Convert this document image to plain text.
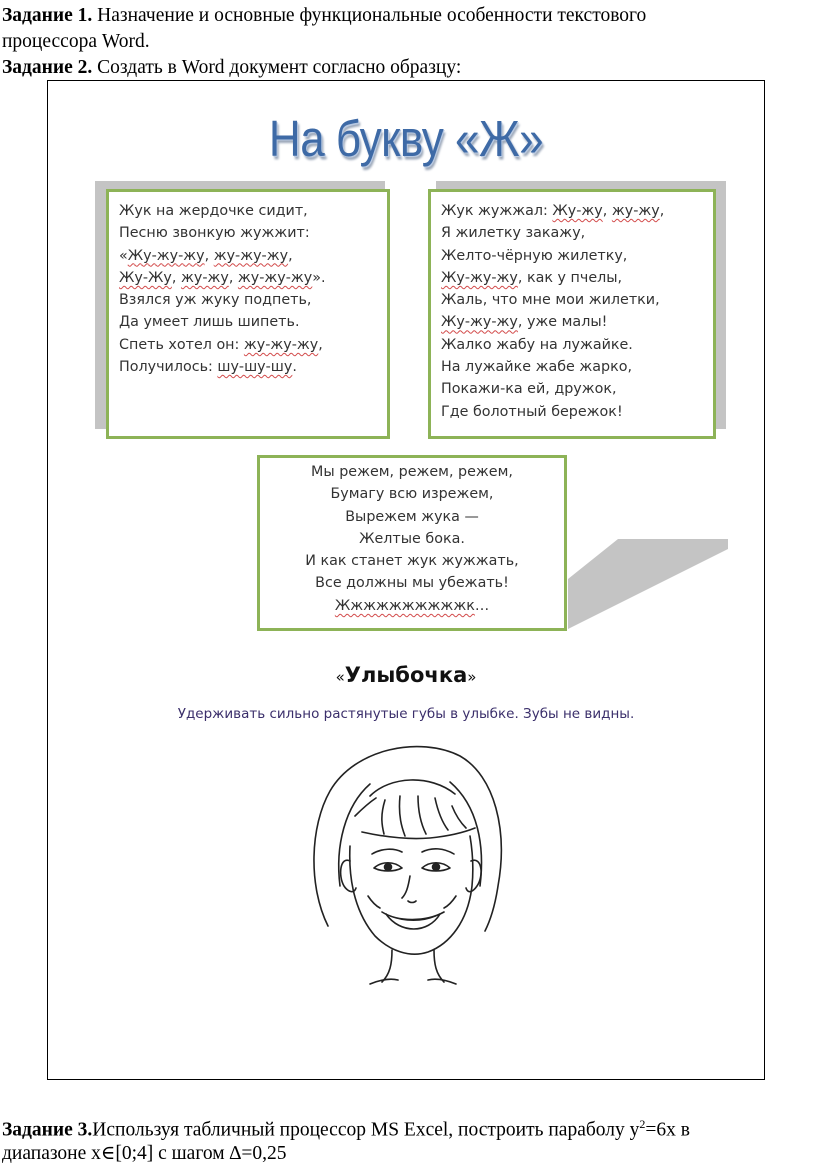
Задание 1. Назначение и основные функциональные особенности текстового
процессора Word.
Задание 2. Создать в Word документ согласно образцу:
На букву «Ж»
Жук на жердочке сидит,
Песню звонкую жужжит:
«Жу-жу-жу, жу-жу-жу,
Жу-Жу, жу-жу, жу-жу-жу».
Взялся уж жуку подпеть,
Да умеет лишь шипеть.
Спеть хотел он: жу-жу-жу,
Получилось: шу-шу-шу.
Жук жужжал: Жу-жу, жу-жу,
Я жилетку закажу,
Желто-чёрную жилетку,
Жу-жу-жу, как у пчелы,
Жаль, что мне мои жилетки,
Жу-жу-жу, уже малы!
Жалко жабу на лужайке.
На лужайке жабе жарко,
Покажи-ка ей, дружок,
Где болотный бережок!
Мы режем, режем, режем,
Бумагу всю изрежем,
Вырежем жука —
Желтые бока.
И как станет жук жужжать,
Все должны мы убежать!
Жжжжжжжжжжк…
«Улыбочка»
Удерживать сильно растянутые губы в улыбке. Зубы не видны.
Задание 3.Используя табличный процессор MS Excel, построить параболу $y^2=6x$ в
диапазоне x∈[0;4] с шагом ∆=0,25
